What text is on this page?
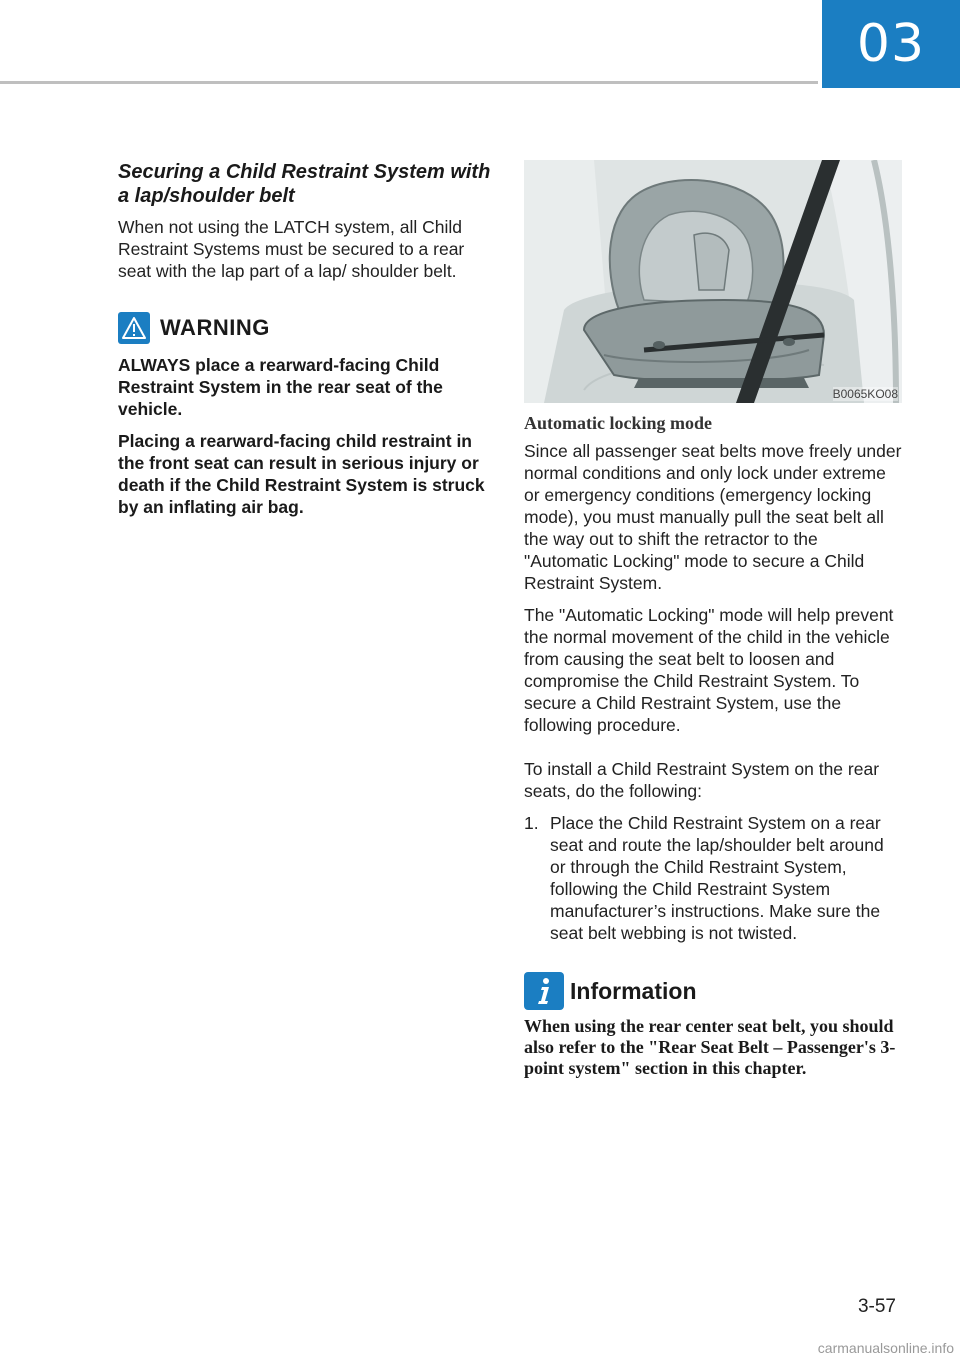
03
Securing a Child Restraint System with a lap/shoulder belt

When not using the LATCH system, all Child Restraint Systems must be secured to a rear seat with the lap part of a lap/ shoulder belt.

WARNING

ALWAYS place a rearward-facing Child Restraint System in the rear seat of the vehicle.

Placing a rearward-facing child restraint in the front seat can result in serious injury or death if the Child Restraint System is struck by an inflating air bag.

B0065KO08
Automatic locking mode

Since all passenger seat belts move freely under normal conditions and only lock under extreme or emergency conditions (emergency locking mode), you must manually pull the seat belt all the way out to shift the retractor to the "Automatic Locking" mode to secure a Child Restraint System.

The "Automatic Locking" mode will help prevent the normal movement of the child in the vehicle from causing the seat belt to loosen and compromise the Child Restraint System. To secure a Child Restraint System, use the following procedure.

To install a Child Restraint System on the rear seats, do the following:

1. Place the Child Restraint System on a rear seat and route the lap/shoulder belt around or through the Child Restraint System, following the Child Restraint System manufacturer’s instructions. Make sure the seat belt webbing is not twisted.
Information

When using the rear center seat belt, you should also refer to the "Rear Seat Belt – Passenger's 3-point system" section in this chapter.

3-57
carmanualsonline.info
